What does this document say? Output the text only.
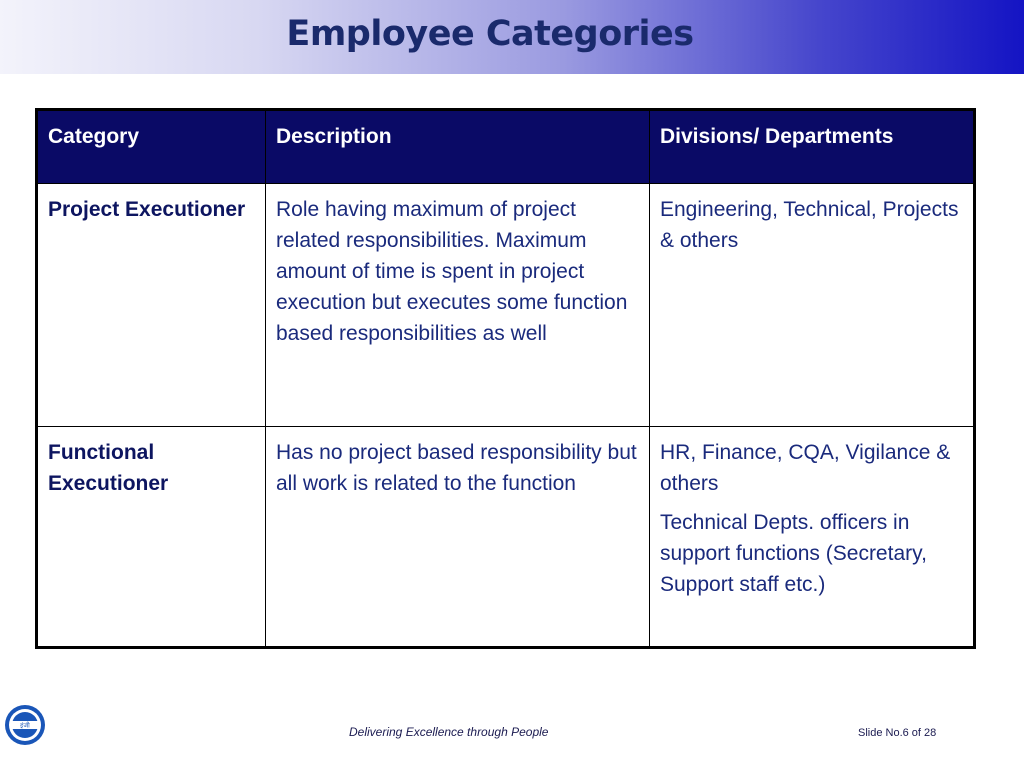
Employee Categories
Category	Description	Divisions/ Departments
Project Executioner	Role having maximum of project related responsibilities. Maximum amount of time is spent in project execution but executes some function based responsibilities as well	Engineering, Technical, Projects & others

Functional Executioner	Has no project based responsibility but all work is related to the function	HR, Finance, CQA, Vigilance & others

Technical Depts. officers in support functions (Secretary, Support staff etc.)

इंजी	Delivering Excellence through People	Slide No.6 of 28
